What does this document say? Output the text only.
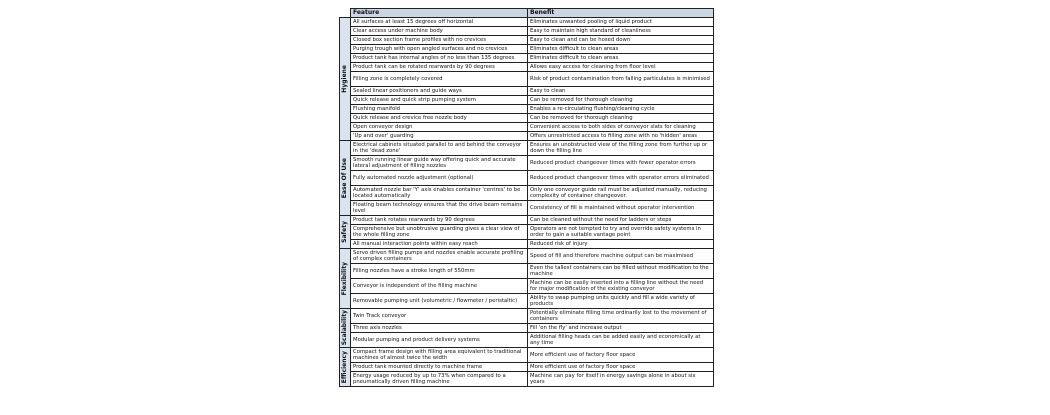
	Feature	Benefit

Hygiene	All surfaces at least 15 degrees off horizontal	Eliminates unwanted pooling of liquid product
	Clear access under machine body	Easy to maintain high standard of cleanliness
	Closed box section frame profiles with no crevices	Easy to clean and can be hosed down
	Purging trough with open angled surfaces and no crevices	Eliminates difficult to clean areas
	Product tank has internal angles of no less than 135 degrees	Eliminates difficult to clean areas
	Product tank can be rotated rearwards by 90 degrees	Allows easy access for cleaning from floor level
	Filling zone is completely covered	Risk of product contamination from falling particulates is minimised
	Sealed linear positioners and guide ways	Easy to clean
	Quick release and quick strip pumping system	Can be removed for thorough cleaning
	Flushing manifold	Enables a re-circulating flushing/cleaning cycle
	Quick release and crevice free nozzle body	Can be removed for thorough cleaning
	Open conveyor design	Convenient access to both sides of conveyor slats for cleaning
	'Up and over' guarding	Offers unrestricted access to filling zone with no 'hidden' areas

Ease Of Use	Electrical cabinets situated parallel to and behind the conveyor in the 'dead zone'	Ensures an unobstructed view of the filling zone from further up or down the filling line
	Smooth running linear guide way offering quick and accurate lateral adjustment of filling nozzles	Reduced product changeover times with fewer operator errors
	Fully automated nozzle adjustment (optional)	Reduced product changeover times with operator errors eliminated
	Automated nozzle bar 'Y' axis enables container 'centres' to be located automatically	Only one conveyor guide rail must be adjusted manually, reducing complexity of container changeover.
	Floating beam technology ensures that the drive beam remains level	Consistency of fill is maintained without operator intervention

Safety	Product tank rotates rearwards by 90 degrees	Can be cleaned without the need for ladders or steps
	Comprehensive but unobtrusive guarding gives a clear view of the whole filling zone	Operators are not tempted to try and override safety systems in order to gain a suitable vantage point
	All manual interaction points within easy reach	Reduced risk of injury

Flexibility	Servo driven filling pumps and nozzles enable accurate profiling of complex containers	Speed of fill and therefore machine output can be maximised
	Filling nozzles have a stroke length of 550mm	Even the tallest containers can be filled without modification to the machine
	Conveyor is independent of the filling machine	Machine can be easily inserted into a filling line without the need for major modification of the existing conveyor
	Removable pumping unit (volumetric / flowmeter / peristaltic)	Ability to swap pumping units quickly and fill a wide variety of products

Scalability	Twin Track conveyor	Potentially eliminate filling time ordinarily lost to the movement of containers
	Three axis nozzles	Fill 'on the fly' and increase output
	Modular pumping and product delivery systems	Additional filling heads can be added easily and economically at any time

Efficiency	Compact frame design with filling area equivalent to traditional machines of almost twice the width	More efficient use of factory floor space
	Product tank mounted directly to machine frame	More efficient use of factory floor space
	Energy usage reduced by up to 73% when compared to a pneumatically driven filling machine	Machine can pay for itself in energy savings alone in about six years
